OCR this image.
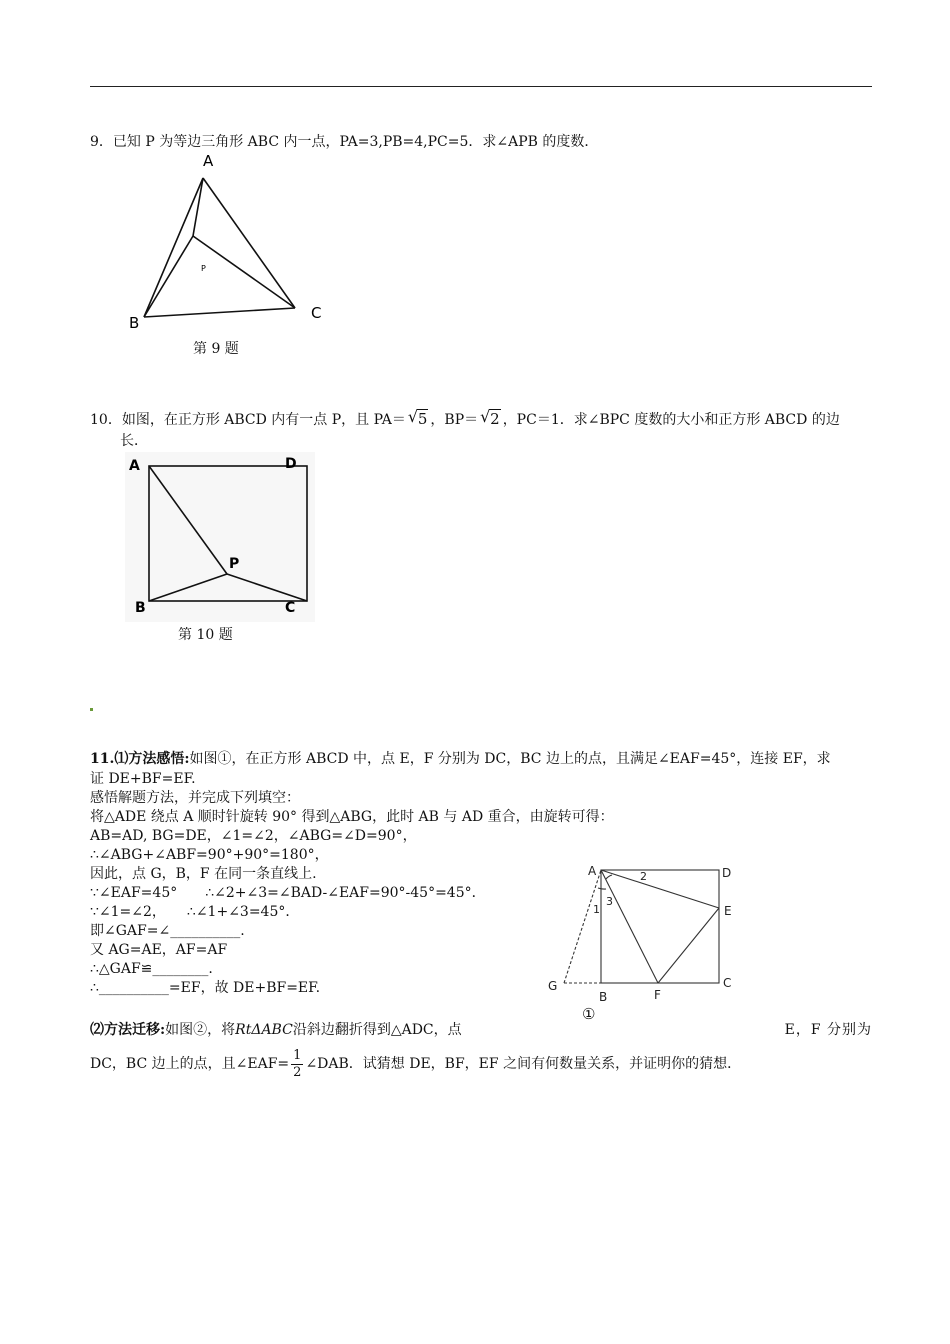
9．已知 P 为等边三角形 ABC 内一点，PA=3,PB=4,PC=5．求∠APB 的度数．
A
B
C
P
第 9 题
10．如图，在正方形 ABCD 内有一点 P，且 PA＝ √ 5 ，BP＝ √ 2 ，PC＝1．求∠BPC 度数的大小和正方形 ABCD 的边
长．
A	D
P
B	C
第 10 题
11.⑴方法感悟:如图①，在正方形 ABCD 中，点 E，F 分别为 DC，BC 边上的点，且满足∠EAF=45°，连接 EF，求
证 DE+BF=EF.
感悟解题方法，并完成下列填空：
将△ADE 绕点 A 顺时针旋转 90° 得到△ABG，此时 AB 与 AD 重合，由旋转可得：
AB=AD, BG=DE，∠1=∠2，∠ABG=∠D=90°，
∴∠ABG+∠ABF=90°+90°=180°，
因此，点 G，B，F 在同一条直线上.
∵∠EAF=45°　　∴∠2+∠3=∠BAD-∠EAF=90°-45°=45°．
∵∠1=∠2，　　∴∠1+∠3=45°．
即∠GAF=∠__________.
又 AG=AE，AF=AF
∴△GAF≌________.
∴__________=EF，故 DE+BF=EF.
A	D
E
C
G
B	F
2
1
3
①
⑵方法迁移:如图②，将RtΔABC沿斜边翻折得到△ADC，点	E，F 分别为
DC，BC 边上的点，且∠EAF= $\frac{1}{2}$ ∠DAB．试猜想 DE，BF，EF 之间有何数量关系，并证明你的猜想．
